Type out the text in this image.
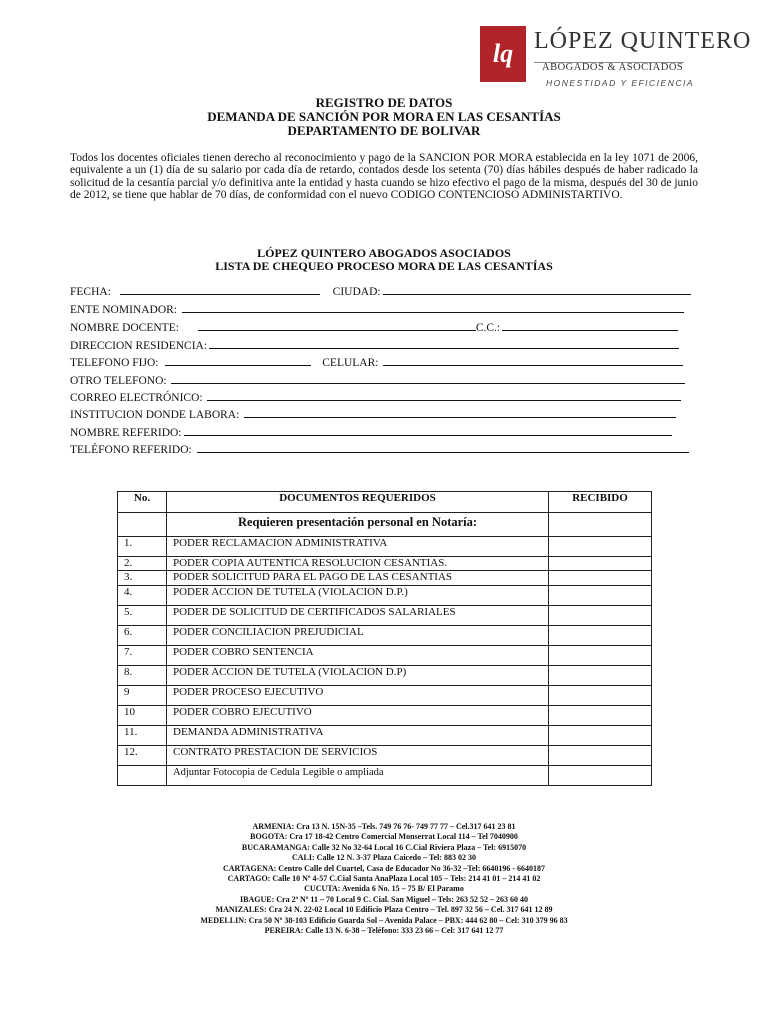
lq LÓPEZ QUINTERO
ABOGADOS & ASOCIADOS
HONESTIDAD Y EFICIENCIA
REGISTRO DE DATOS
DEMANDA DE SANCIÓN POR MORA EN LAS CESANTÍAS
DEPARTAMENTO DE BOLIVAR
Todos los docentes oficiales tienen derecho al reconocimiento y pago de la SANCION POR MORA establecida en la ley 1071 de 2006, equivalente a un (1) día de su salario por cada día de retardo, contados desde los setenta (70) días hábiles después de haber radicado la solicitud de la cesantía parcial y/o definitiva ante la entidad y hasta cuando se hizo efectivo el pago de la misma, después del 30 de junio de 2012, se tiene que hablar de 70 días, de conformidad con el nuevo CODIGO CONTENCIOSO ADMINISTARTIVO.
LÓPEZ QUINTERO ABOGADOS ASOCIADOS
LISTA DE CHEQUEO PROCESO MORA DE LAS CESANTÍAS
FECHA:	CIUDAD:
ENTE NOMINADOR:
NOMBRE DOCENTE:	C.C.:
DIRECCION RESIDENCIA:
TELEFONO FIJO:	CELULAR:
OTRO TELEFONO:
CORREO ELECTRÓNICO:
INSTITUCION DONDE LABORA:
NOMBRE REFERIDO:
TELÉFONO REFERIDO:
No.	DOCUMENTOS REQUERIDOS	RECIBIDO
	Requieren presentación personal en Notaría:	
1.	PODER RECLAMACION ADMINISTRATIVA	
2.	PODER COPIA AUTENTICA RESOLUCION CESANTIAS.	
3.	PODER SOLICITUD PARA EL PAGO DE LAS CESANTIAS	
4.	PODER ACCION DE TUTELA (VIOLACION D.P.)	
5.	PODER DE SOLICITUD DE CERTIFICADOS SALARIALES	
6.	PODER CONCILIACION PREJUDICIAL	
7.	PODER COBRO SENTENCIA	
8.	PODER ACCION DE TUTELA (VIOLACION D.P)	
9	PODER PROCESO EJECUTIVO	
10	PODER COBRO EJECUTIVO	
11.	DEMANDA ADMINISTRATIVA	
12.	CONTRATO PRESTACION DE SERVICIOS	
	Adjuntar Fotocopia de Cedula Legible o ampliada	
ARMENIA: Cra 13 N. 15N-35 –Tels. 749 76 76- 749 77 77 – Cel.317 641 23 81
BOGOTA: Cra 17 18-42 Centro Comercial Monserrat Local 114 – Tel 7040900
BUCARAMANGA: Calle 32 No 32-64 Local 16 C.Cial Riviera Plaza – Tel: 6915070
CALI: Calle 12 N. 3-37 Plaza Caicedo – Tel: 883 02 30
CARTAGENA: Centro Calle del Cuartel, Casa de Educador No 36-32 –Tel: 6640196 - 6640187
CARTAGO: Calle 10 Nº 4-57 C.Cial Santa AnaPlaza Local 105 – Tels: 214 41 01 – 214 41 02
CUCUTA: Avenida 6 No. 15 – 75 B/ El Paramo
IBAGUE: Cra 2ª Nº 11 – 70 Local 9 C. Cial. San Miguel – Tels: 263 52 52 – 263 60 40
MANIZALES: Cra 24 N. 22-02 Local 10 Edificio Plaza Centro – Tel. 897 32 56 – Cel. 317 641 12 89
MEDELLIN: Cra 50 Nº 38-103 Edificio Guarda Sol – Avenida Palace – PBX: 444 62 80 – Cel: 310 379 96 83
PEREIRA: Calle 13 N. 6-38 – Teléfono: 333 23 66 – Cel: 317 641 12 77
